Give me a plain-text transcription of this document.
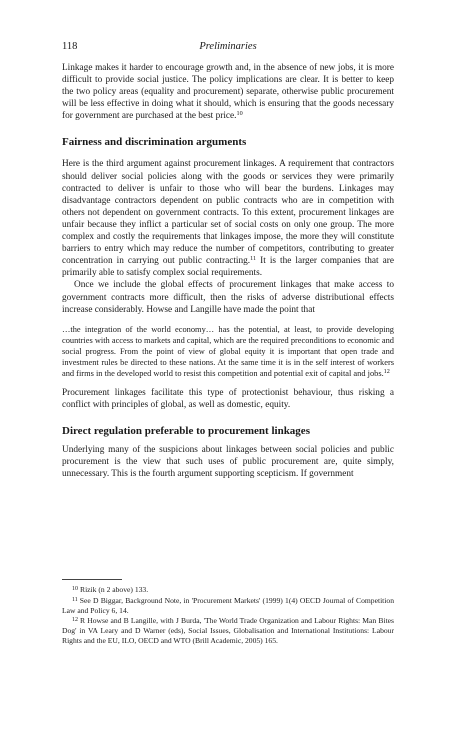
118	Preliminaries

Linkage makes it harder to encourage growth and, in the absence of new jobs, it is more difficult to provide social justice. The policy implications are clear. It is better to keep the two policy areas (equality and procurement) separate, otherwise public procurement will be less effective in doing what it should, which is ensuring that the goods necessary for government are purchased at the best price.$^{10}$

Fairness and discrimination arguments

Here is the third argument against procurement linkages. A requirement that contractors should deliver social policies along with the goods or services they were primarily contracted to deliver is unfair to those who will bear the burdens. Linkages may disadvantage contractors dependent on public contracts who are in competition with others not dependent on government contracts. To this extent, procurement linkages are unfair because they inflict a particular set of social costs on only one group. The more complex and costly the requirements that linkages impose, the more they will constitute barriers to entry which may reduce the number of competitors, contributing to greater concentration in carrying out public contracting.$^{11}$ It is the larger companies that are primarily able to satisfy complex social requirements.

Once we include the global effects of procurement linkages that make access to government contracts more difficult, then the risks of adverse distributional effects increase considerably. Howse and Langille have made the point that

…the integration of the world economy… has the potential, at least, to provide developing countries with access to markets and capital, which are the required preconditions to economic and social progress. From the point of view of global equity it is important that open trade and investment rules be directed to these nations. At the same time it is in the self interest of workers and firms in the developed world to resist this competition and potential exit of capital and jobs.$^{12}$

Procurement linkages facilitate this type of protectionist behaviour, thus risking a conflict with principles of global, as well as domestic, equity.

Direct regulation preferable to procurement linkages

Underlying many of the suspicions about linkages between social policies and public procurement is the view that such uses of public procurement are, quite simply, unnecessary. This is the fourth argument supporting scepticism. If government

$^{10}$ Rizik (n 2 above) 133.

$^{11}$ See D Biggar, Background Note, in 'Procurement Markets' (1999) 1(4) OECD Journal of Competition Law and Policy 6, 14.

$^{12}$ R Howse and B Langille, with J Burda, 'The World Trade Organization and Labour Rights: Man Bites Dog' in VA Leary and D Warner (eds), Social Issues, Globalisation and International Institutions: Labour Rights and the EU, ILO, OECD and WTO (Brill Academic, 2005) 165.
